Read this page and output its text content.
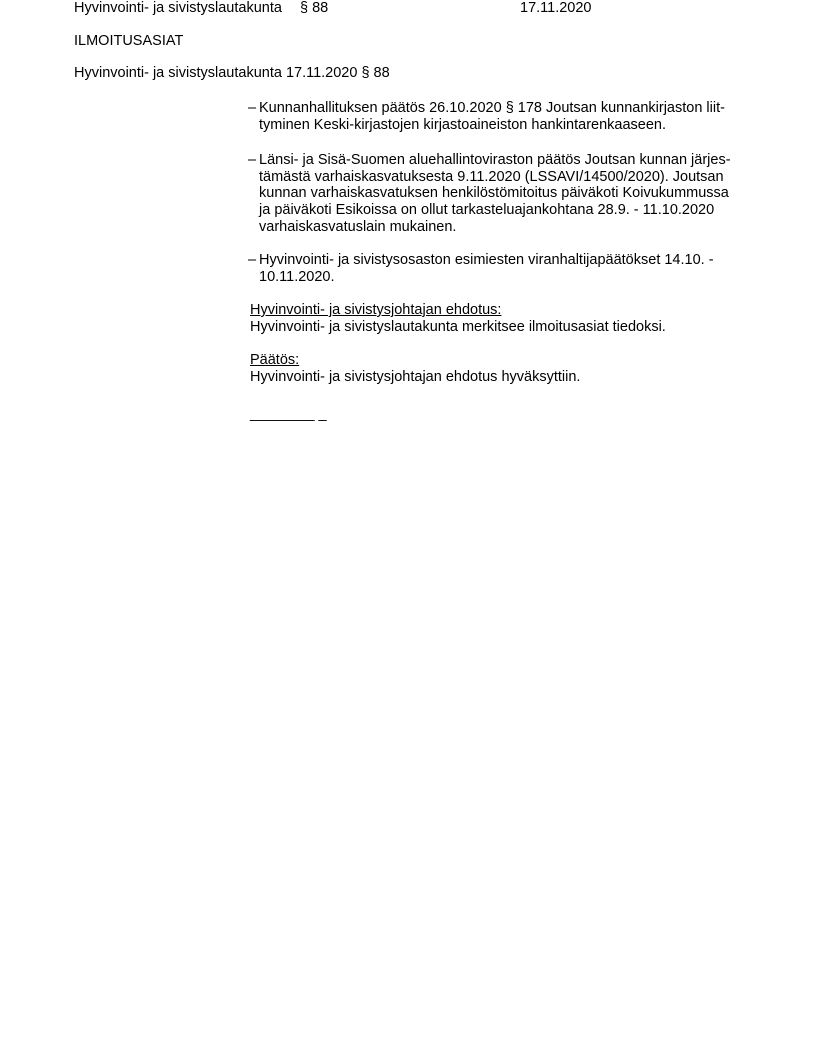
Hyvinvointi- ja sivistyslautakunta § 88	17.11.2020
ILMOITUSASIAT
Hyvinvointi- ja sivistyslautakunta 17.11.2020 § 88
– Kunnanhallituksen päätös 26.10.2020 § 178 Joutsan kunnankirjaston liit-
tyminen Keski-kirjastojen kirjastoaineiston hankintarenkaaseen.
– Länsi- ja Sisä-Suomen aluehallintoviraston päätös Joutsan kunnan järjes-
tämästä varhaiskasvatuksesta 9.11.2020 (LSSAVI/14500/2020). Joutsan
kunnan varhaiskasvatuksen henkilöstömitoitus päiväkoti Koivukummussa
ja päiväkoti Esikoissa on ollut tarkasteluajankohtana 28.9. - 11.10.2020
varhaiskasvatuslain mukainen.
– Hyvinvointi- ja sivistysosaston esimiesten viranhaltijapäätökset 14.10. -
10.11.2020.
Hyvinvointi- ja sivistysjohtajan ehdotus:
Hyvinvointi- ja sivistyslautakunta merkitsee ilmoitusasiat tiedoksi.
Päätös:
Hyvinvointi- ja sivistysjohtajan ehdotus hyväksyttiin.
________ _
